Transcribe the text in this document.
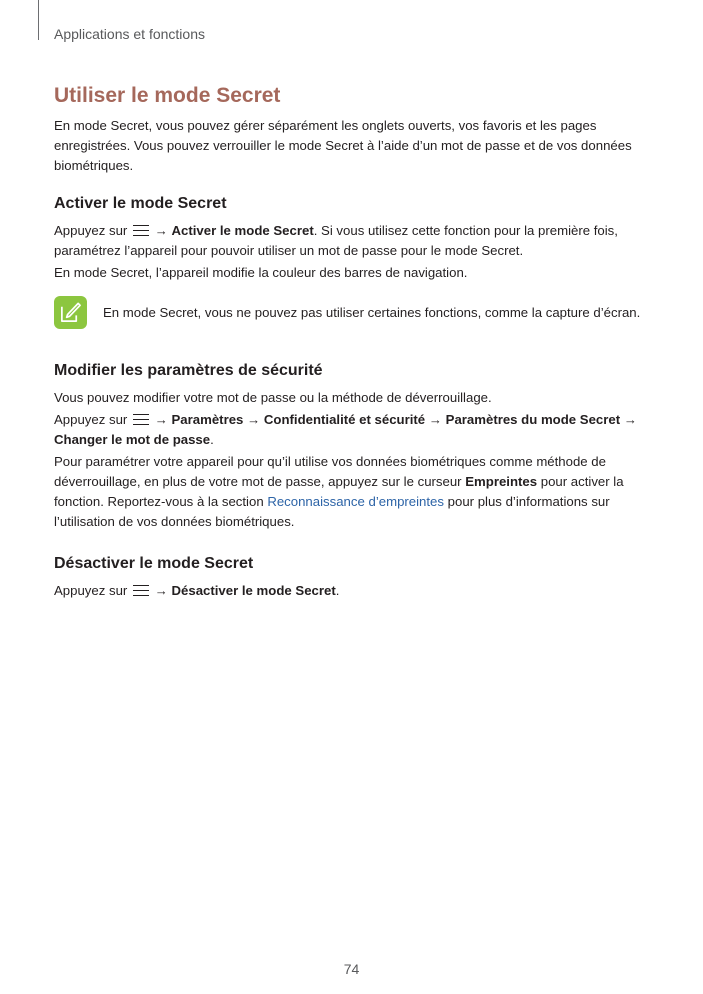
Applications et fonctions
Utiliser le mode Secret

En mode Secret, vous pouvez gérer séparément les onglets ouverts, vos favoris et les pages enregistrées. Vous pouvez verrouiller le mode Secret à l’aide d’un mot de passe et de vos données biométriques.

Activer le mode Secret

Appuyez sur → Activer le mode Secret. Si vous utilisez cette fonction pour la première fois, paramétrez l’appareil pour pouvoir utiliser un mot de passe pour le mode Secret.

En mode Secret, l’appareil modifie la couleur des barres de navigation.

En mode Secret, vous ne pouvez pas utiliser certaines fonctions, comme la capture d’écran.
Modifier les paramètres de sécurité

Vous pouvez modifier votre mot de passe ou la méthode de déverrouillage.

Appuyez sur → Paramètres → Confidentialité et sécurité → Paramètres du mode Secret →
Changer le mot de passe.

Pour paramétrer votre appareil pour qu’il utilise vos données biométriques comme méthode de déverrouillage, en plus de votre mot de passe, appuyez sur le curseur Empreintes pour activer la fonction. Reportez-vous à la section Reconnaissance d’empreintes pour plus d’informations sur l’utilisation de vos données biométriques.

Désactiver le mode Secret

Appuyez sur → Désactiver le mode Secret.

74
